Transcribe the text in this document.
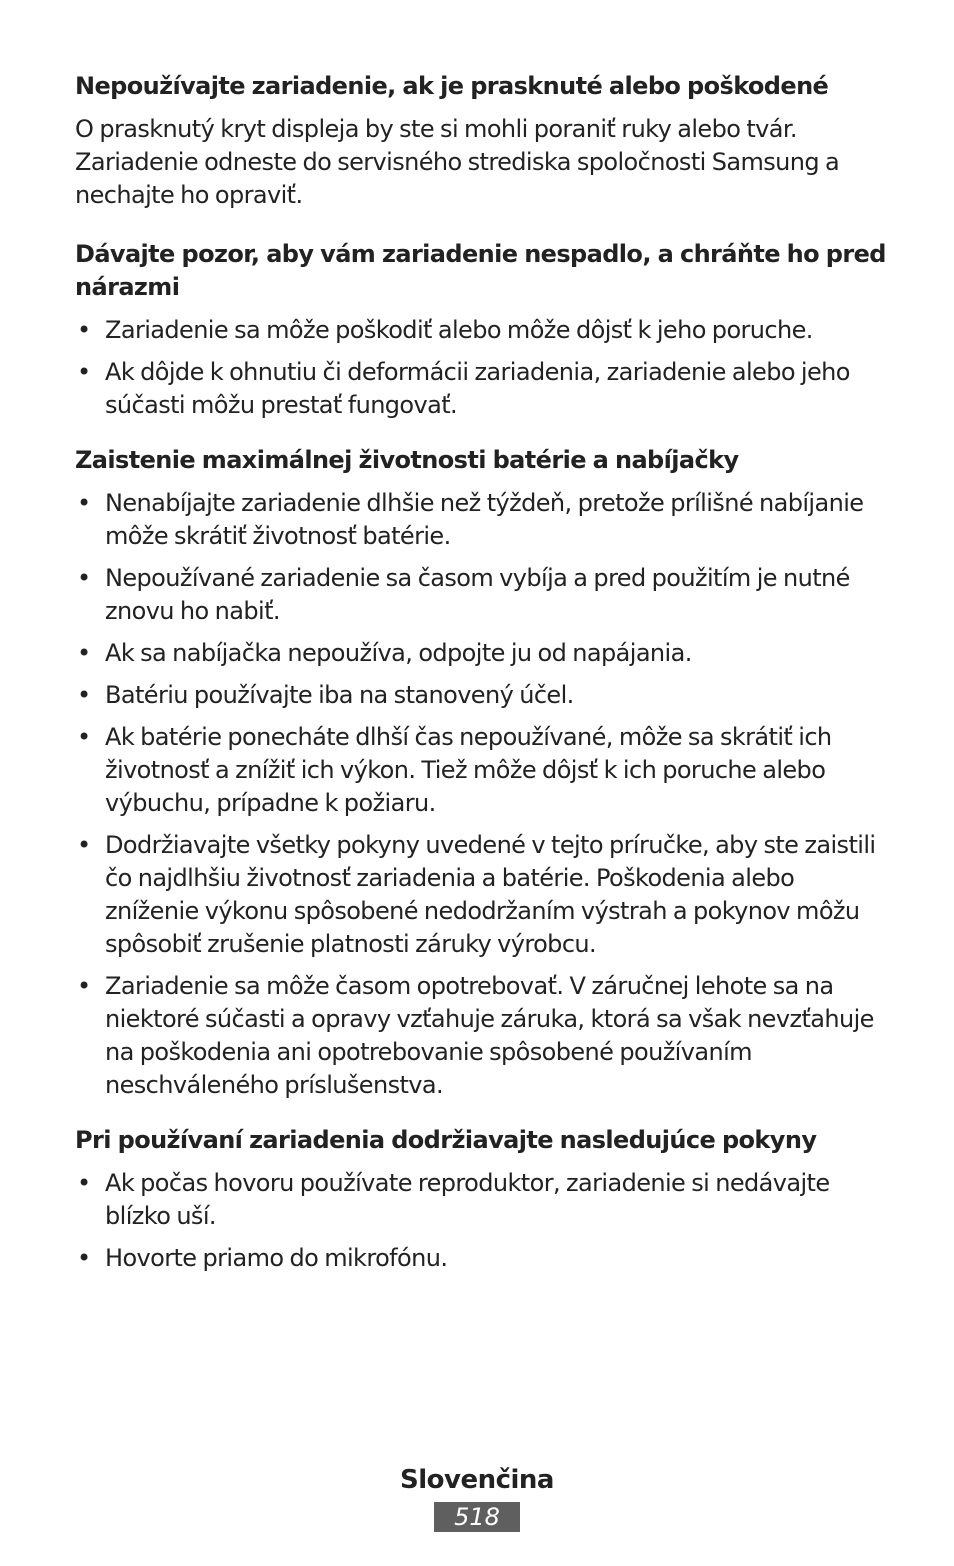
Nepoužívajte zariadenie, ak je prasknuté alebo poškodené
O prasknutý kryt displeja by ste si mohli poraniť ruky alebo tvár. Zariadenie odneste do servisného strediska spoločnosti Samsung a nechajte ho opraviť.
Dávajte pozor, aby vám zariadenie nespadlo, a chráňte ho pred nárazmi
• Zariadenie sa môže poškodiť alebo môže dôjsť k jeho poruche.
• Ak dôjde k ohnutiu či deformácii zariadenia, zariadenie alebo jeho súčasti môžu prestať fungovať.
Zaistenie maximálnej životnosti batérie a nabíjačky
• Nenabíjajte zariadenie dlhšie než týždeň, pretože prílišné nabíjanie môže skrátiť životnosť batérie.
• Nepoužívané zariadenie sa časom vybíja a pred použitím je nutné znovu ho nabiť.
• Ak sa nabíjačka nepoužíva, odpojte ju od napájania.
• Batériu používajte iba na stanovený účel.
• Ak batérie ponecháte dlhší čas nepoužívané, môže sa skrátiť ich životnosť a znížiť ich výkon. Tiež môže dôjsť k ich poruche alebo výbuchu, prípadne k požiaru.
• Dodržiavajte všetky pokyny uvedené v tejto príručke, aby ste zaistili čo najdlhšiu životnosť zariadenia a batérie. Poškodenia alebo zníženie výkonu spôsobené nedodržaním výstrah a pokynov môžu spôsobiť zrušenie platnosti záruky výrobcu.
• Zariadenie sa môže časom opotrebovať. V záručnej lehote sa na niektoré súčasti a opravy vzťahuje záruka, ktorá sa však nevzťahuje na poškodenia ani opotrebovanie spôsobené používaním neschváleného príslušenstva.
Pri používaní zariadenia dodržiavajte nasledujúce pokyny
• Ak počas hovoru používate reproduktor, zariadenie si nedávajte blízko uší.
• Hovorte priamo do mikrofónu.
Slovenčina
518
